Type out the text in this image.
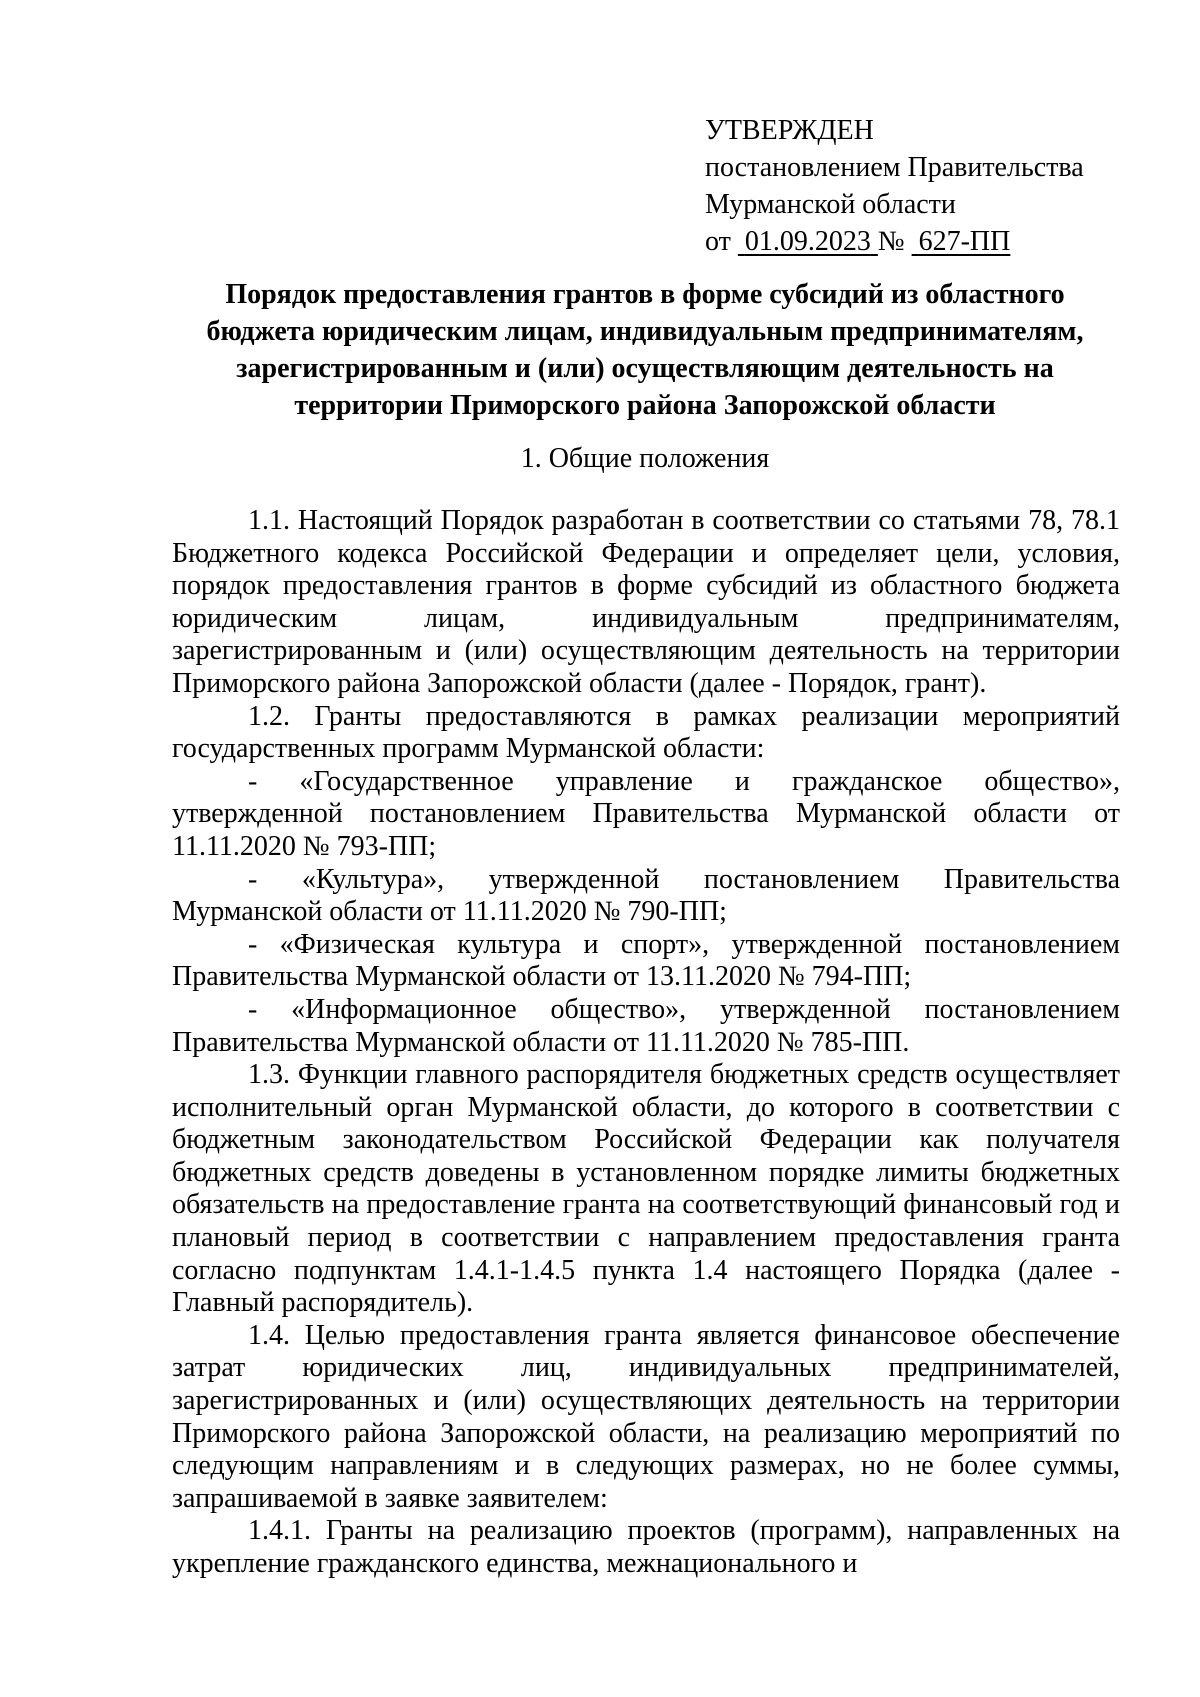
УТВЕРЖДЕН
постановлением Правительства
Мурманской области
от 01.09.2023 № 627-ПП
Порядок предоставления грантов в форме субсидий из областного бюджета юридическим лицам, индивидуальным предпринимателям, зарегистрированным и (или) осуществляющим деятельность на территории Приморского района Запорожской области
1. Общие положения

1.1. Настоящий Порядок разработан в соответствии со статьями 78, 78.1 Бюджетного кодекса Российской Федерации и определяет цели, условия, порядок предоставления грантов в форме субсидий из областного бюджета юридическим лицам, индивидуальным предпринимателям, зарегистрированным и (или) осуществляющим деятельность на территории Приморского района Запорожской области (далее - Порядок, грант).

1.2. Гранты предоставляются в рамках реализации мероприятий государственных программ Мурманской области:

- «Государственное управление и гражданское общество», утвержденной постановлением Правительства Мурманской области от 11.11.2020 № 793-ПП;

- «Культура», утвержденной постановлением Правительства Мурманской области от 11.11.2020 № 790-ПП;

- «Физическая культура и спорт», утвержденной постановлением Правительства Мурманской области от 13.11.2020 № 794-ПП;

- «Информационное общество», утвержденной постановлением Правительства Мурманской области от 11.11.2020 № 785-ПП.

1.3. Функции главного распорядителя бюджетных средств осуществляет исполнительный орган Мурманской области, до которого в соответствии с бюджетным законодательством Российской Федерации как получателя бюджетных средств доведены в установленном порядке лимиты бюджетных обязательств на предоставление гранта на соответствующий финансовый год и плановый период в соответствии с направлением предоставления гранта согласно подпунктам 1.4.1-1.4.5 пункта 1.4 настоящего Порядка (далее - Главный распорядитель).

1.4. Целью предоставления гранта является финансовое обеспечение затрат юридических лиц, индивидуальных предпринимателей, зарегистрированных и (или) осуществляющих деятельность на территории Приморского района Запорожской области, на реализацию мероприятий по следующим направлениям и в следующих размерах, но не более суммы, запрашиваемой в заявке заявителем:

1.4.1. Гранты на реализацию проектов (программ), направленных на укрепление гражданского единства, межнационального и
